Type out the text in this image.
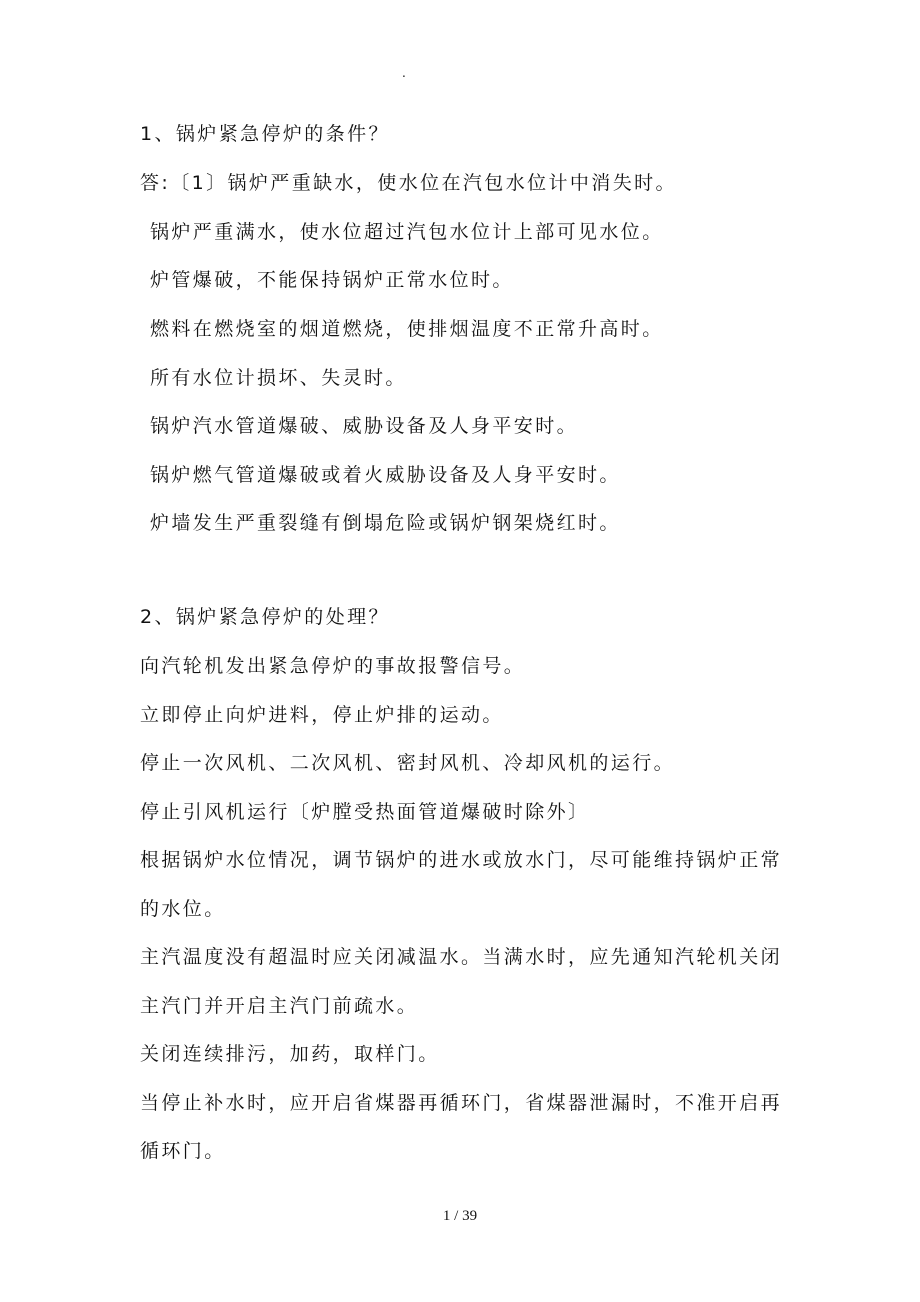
.
1、锅炉紧急停炉的条件？
答:〔1〕锅炉严重缺水，使水位在汽包水位计中消失时。
锅炉严重满水，使水位超过汽包水位计上部可见水位。
炉管爆破，不能保持锅炉正常水位时。
燃料在燃烧室的烟道燃烧，使排烟温度不正常升高时。
所有水位计损坏、失灵时。
锅炉汽水管道爆破、威胁设备及人身平安时。
锅炉燃气管道爆破或着火威胁设备及人身平安时。
炉墙发生严重裂缝有倒塌危险或锅炉钢架烧红时。
2、锅炉紧急停炉的处理？
向汽轮机发出紧急停炉的事故报警信号。
立即停止向炉进料，停止炉排的运动。
停止一次风机、二次风机、密封风机、冷却风机的运行。
停止引风机运行〔炉膛受热面管道爆破时除外〕
根据锅炉水位情况，调节锅炉的进水或放水门，尽可能维持锅炉正常
的水位。
主汽温度没有超温时应关闭减温水。当满水时，应先通知汽轮机关闭
主汽门并开启主汽门前疏水。
关闭连续排污，加药，取样门。
当停止补水时，应开启省煤器再循环门，省煤器泄漏时，不准开启再
循环门。
1 / 39
